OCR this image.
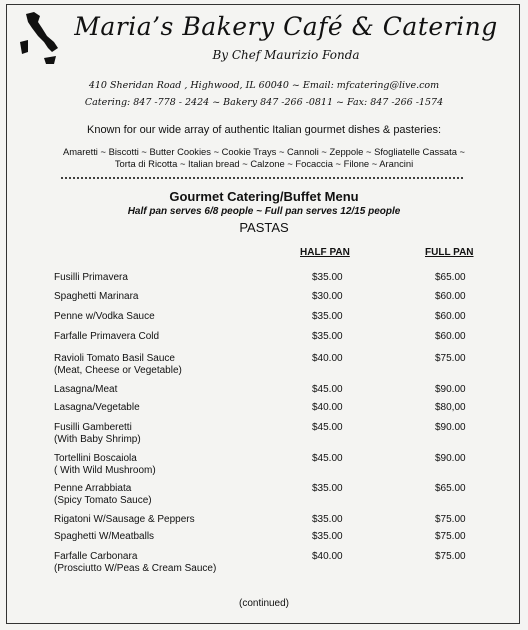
Maria’s Bakery Café & Catering
By Chef Maurizio Fonda
410 Sheridan Road , Highwood, IL 60040 ~ Email: mfcatering@live.com
Catering: 847 -778 - 2424 ~ Bakery 847 -266 -0811 ~ Fax: 847 -266 -1574
Known for our wide array of authentic Italian gourmet dishes & pasteries:
Amaretti ~ Biscotti ~ Butter Cookies ~ Cookie Trays ~ Cannoli ~ Zeppole ~ Sfogliatelle Cassata ~
Torta di Ricotta ~ Italian bread ~ Calzone ~ Focaccia ~ Filone ~ Arancini
Gourmet Catering/Buffet Menu
Half pan serves 6/8 people ~ Full pan serves 12/15 people
PASTAS
HALF PAN	FULL PAN
Fusilli Primavera	$35.00	$65.00
Spaghetti Marinara	$30.00	$60.00
Penne w/Vodka Sauce	$35.00	$60.00
Farfalle Primavera Cold	$35.00	$60.00
Ravioli Tomato Basil Sauce
(Meat, Cheese or Vegetable)
$40.00	$75.00
Lasagna/Meat	$45.00	$90.00
Lasagna/Vegetable	$40.00	$80,00
Fusilli Gamberetti
(With Baby Shrimp)
$45.00	$90.00
Tortellini Boscaiola
( With Wild Mushroom)
$45.00	$90.00
Penne Arrabbiata
(Spicy Tomato Sauce)
$35.00	$65.00
Rigatoni W/Sausage & Peppers	$35.00	$75.00
Spaghetti W/Meatballs	$35.00	$75.00
Farfalle Carbonara
(Prosciutto W/Peas & Cream Sauce)
$40.00	$75.00
(continued)
